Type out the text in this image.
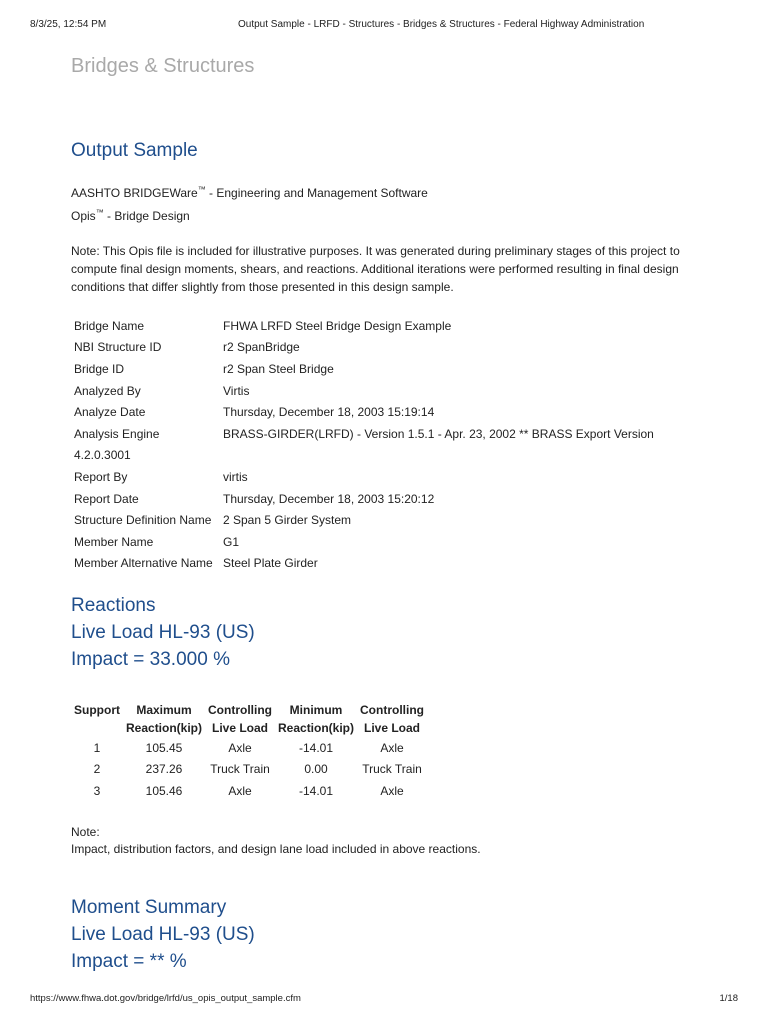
8/3/25, 12:54 PM	Output Sample - LRFD - Structures - Bridges & Structures - Federal Highway Administration
Bridges & Structures
Output Sample
AASHTO BRIDGEWare™ - Engineering and Management Software
Opis™ - Bridge Design
Note: This Opis file is included for illustrative purposes. It was generated during preliminary stages of this project to compute final design moments, shears, and reactions. Additional iterations were performed resulting in final design conditions that differ slightly from those presented in this design sample.
Bridge Name	FHWA LRFD Steel Bridge Design Example
NBI Structure ID	r2 SpanBridge
Bridge ID	r2 Span Steel Bridge
Analyzed By	Virtis
Analyze Date	Thursday, December 18, 2003 15:19:14
Analysis Engine	BRASS-GIRDER(LRFD) - Version 1.5.1 - Apr. 23, 2002 ** BRASS Export Version
4.2.0.3001	
Report By	virtis
Report Date	Thursday, December 18, 2003 15:20:12
Structure Definition Name	2 Span 5 Girder System
Member Name	G1
Member Alternative Name	Steel Plate Girder
Reactions
Live Load HL-93 (US)
Impact = 33.000 %
Support	Maximum	Controlling	Minimum	Controlling
	Reaction(kip)	Live Load	Reaction(kip)	Live Load
1	105.45	Axle	-14.01	Axle
2	237.26	Truck Train	0.00	Truck Train
3	105.46	Axle	-14.01	Axle
Note:
Impact, distribution factors, and design lane load included in above reactions.
Moment Summary
Live Load HL-93 (US)
Impact = ** %
https://www.fhwa.dot.gov/bridge/lrfd/us_opis_output_sample.cfm	1/18
